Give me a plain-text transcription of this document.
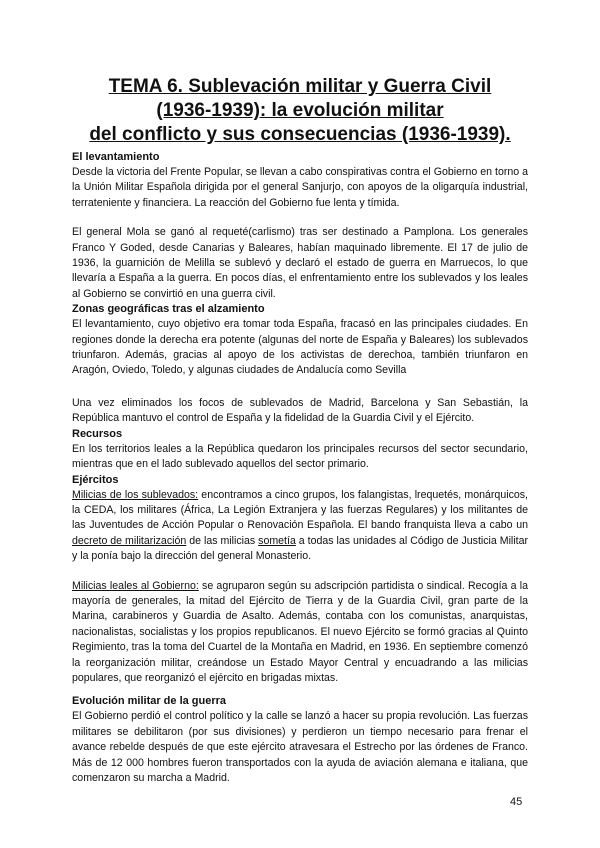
TEMA 6. Sublevación militar y Guerra Civil
(1936-1939): la evolución militar
del conflicto y sus consecuencias (1936-1939).
El levantamiento

Desde la victoria del Frente Popular, se llevan a cabo conspirativas contra el Gobierno en torno a la Unión Militar Española dirigida por el general Sanjurjo, con apoyos de la oligarquía industrial, terrateniente y financiera. La reacción del Gobierno fue lenta y tímida.

El general Mola se ganó al requeté(carlismo) tras ser destinado a Pamplona. Los generales Franco Y Goded, desde Canarias y Baleares, habían maquinado libremente. El 17 de julio de 1936, la guarnición de Melilla se sublevó y declaró el estado de guerra en Marruecos, lo que llevaría a España a la guerra. En pocos días, el enfrentamiento entre los sublevados y los leales al Gobierno se convirtió en una guerra civil.

Zonas geográficas tras el alzamiento

El levantamiento, cuyo objetivo era tomar toda España, fracasó en las principales ciudades. En regiones donde la derecha era potente (algunas del norte de España y Baleares) los sublevados triunfaron. Además, gracias al apoyo de los activistas de derechoa, también triunfaron en Aragón, Oviedo, Toledo, y algunas ciudades de Andalucía como Sevilla

Una vez eliminados los focos de sublevados de Madrid, Barcelona y San Sebastián, la República mantuvo el control de España y la fidelidad de la Guardia Civil y el Ejército.

Recursos

En los territorios leales a la República quedaron los principales recursos del sector secundario, mientras que en el lado sublevado aquellos del sector primario.

Ejércitos

Milicias de los sublevados: encontramos a cinco grupos, los falangistas, lrequetés, monárquicos, la CEDA, los militares (África, La Legión Extranjera y las fuerzas Regulares) y los militantes de las Juventudes de Acción Popular o Renovación Española. El bando franquista lleva a cabo un decreto de militarización de las milicias sometía a todas las unidades al Código de Justicia Militar y la ponía bajo la dirección del general Monasterio.

Milicias leales al Gobierno: se agruparon según su adscripción partidista o sindical. Recogía a la mayoría de generales, la mitad del Ejército de Tierra y de la Guardia Civil, gran parte de la Marina, carabineros y Guardia de Asalto. Además, contaba con los comunistas, anarquistas, nacionalistas, socialistas y los propios republicanos. El nuevo Ejército se formó gracias al Quinto Regimiento, tras la toma del Cuartel de la Montaña en Madrid, en 1936. En septiembre comenzó la reorganización militar, creándose un Estado Mayor Central y encuadrando a las milicias populares, que reorganizó el ejército en brigadas mixtas.

Evolución militar de la guerra

El Gobierno perdió el control político y la calle se lanzó a hacer su propia revolución. Las fuerzas militares se debilitaron (por sus divisiones) y perdieron un tiempo necesario para frenar el avance rebelde después de que este ejército atravesara el Estrecho por las órdenes de Franco. Más de 12 000 hombres fueron transportados con la ayuda de aviación alemana e italiana, que comenzaron su marcha a Madrid.

45
